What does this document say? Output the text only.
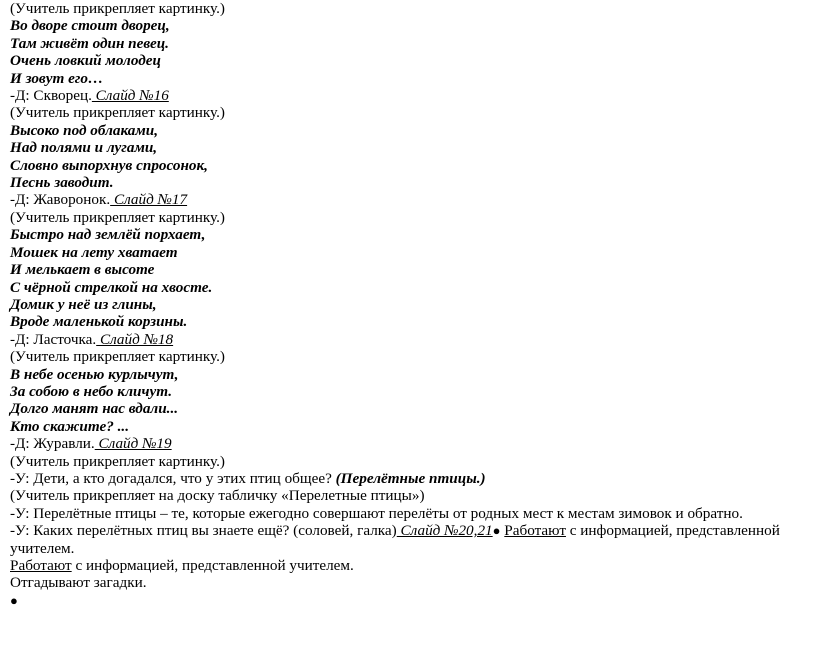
(Учитель прикрепляет картинку.)
Во дворе стоит дворец,
Там живёт один певец.
Очень ловкий молодец
И зовут его…
-Д: Скворец. Слайд №16
(Учитель прикрепляет картинку.)
Высоко под облаками,
Над полями и лугами,
Словно выпорхнув спросонок,
Песнь заводит.
-Д: Жаворонок. Слайд №17
(Учитель прикрепляет картинку.)
Быстро над землёй порхает,
Мошек на лету хватает
И мелькает в высоте
С чёрной стрелкой на хвосте.
Домик у неё из глины,
Вроде маленькой корзины.
-Д: Ласточка. Слайд №18
(Учитель прикрепляет картинку.)
В небе осенью курлычут,
За собою в небо кличут.
Долго манят нас вдали...
Кто скажите? ...
-Д: Журавли. Слайд №19
(Учитель прикрепляет картинку.)
-У: Дети, а кто догадался, что у этих птиц общее? (Перелётные птицы.)
(Учитель прикрепляет на доску табличку «Перелетные птицы»)
-У: Перелётные птицы – те, которые ежегодно совершают перелёты от родных мест к местам зимовок и обратно.
-У: Каких перелётных птиц вы знаете ещё? (соловей, галка) Слайд №20,21● Работают с информацией, представленной учителем.
Работают с информацией, представленной учителем.
Отгадывают загадки.
●
